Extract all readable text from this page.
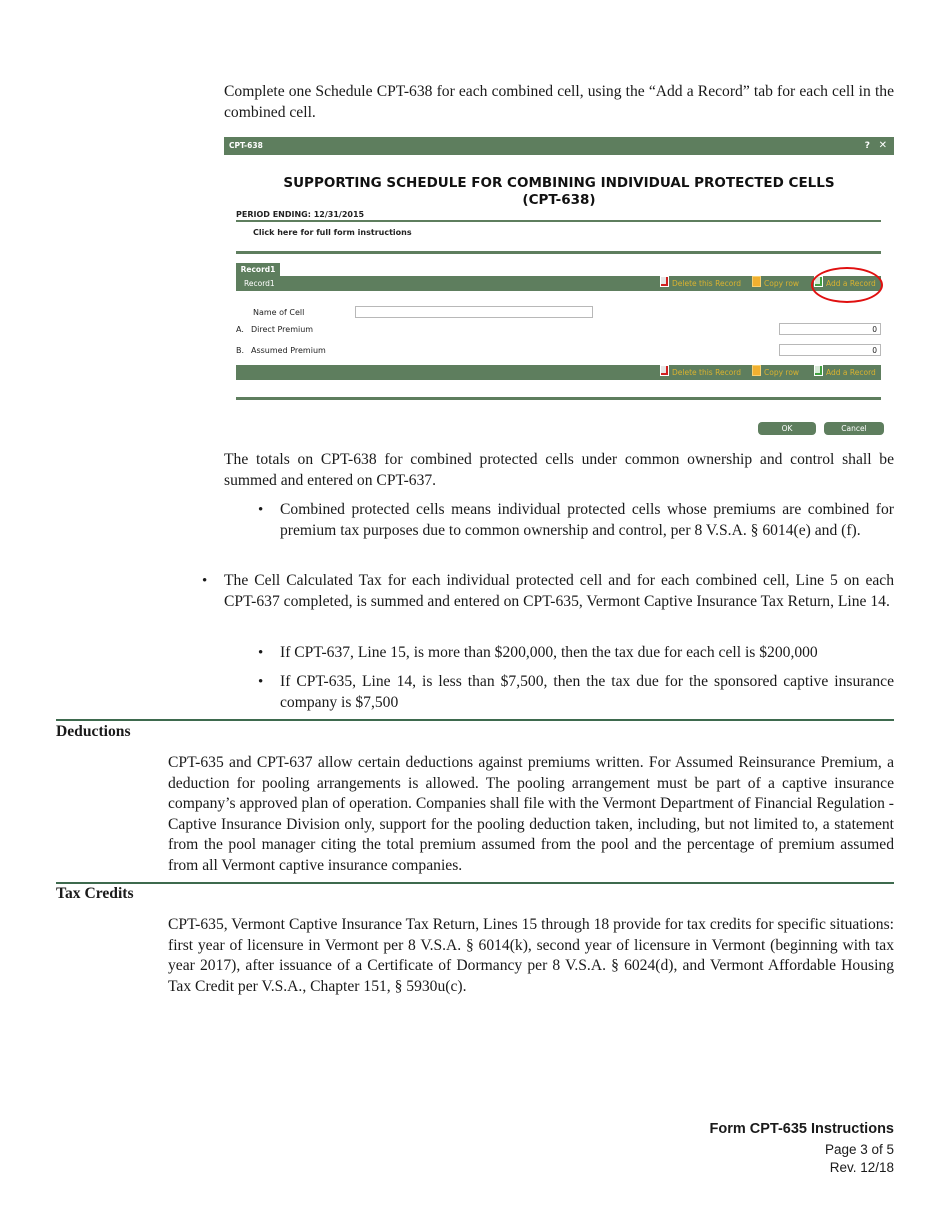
Complete one Schedule CPT-638 for each combined cell, using the “Add a Record” tab for each cell in the combined cell.

CPT-638	? ✕
SUPPORTING SCHEDULE FOR COMBINING INDIVIDUAL PROTECTED CELLS
(CPT-638)
PERIOD ENDING: 12/31/2015
Click here for full form instructions
Record1
Record1	Delete this Record	Copy row	Add a Record
Name of Cell
A. Direct Premium	0
B. Assumed Premium	0
Delete this Record	Copy row	Add a Record
OK	Cancel

The totals on CPT-638 for combined protected cells under common ownership and control shall be summed and entered on CPT-637.

• Combined protected cells means individual protected cells whose premiums are combined for premium tax purposes due to common ownership and control, per 8 V.S.A. § 6014(e) and (f).

• The Cell Calculated Tax for each individual protected cell and for each combined cell, Line 5 on each CPT-637 completed, is summed and entered on CPT-635, Vermont Captive Insurance Tax Return, Line 14.

• If CPT-637, Line 15, is more than $200,000, then the tax due for each cell is $200,000

• If CPT-635, Line 14, is less than $7,500, then the tax due for the sponsored captive insurance company is $7,500

Deductions

CPT-635 and CPT-637 allow certain deductions against premiums written. For Assumed Reinsurance Premium, a deduction for pooling arrangements is allowed. The pooling arrangement must be part of a captive insurance company’s approved plan of operation. Companies shall file with the Vermont Department of Financial Regulation - Captive Insurance Division only, support for the pooling deduction taken, including, but not limited to, a statement from the pool manager citing the total premium assumed from the pool and the percentage of premium assumed from all Vermont captive insurance companies.

Tax Credits

CPT-635, Vermont Captive Insurance Tax Return, Lines 15 through 18 provide for tax credits for specific situations: first year of licensure in Vermont per 8 V.S.A. § 6014(k), second year of licensure in Vermont (beginning with tax year 2017), after issuance of a Certificate of Dormancy per 8 V.S.A. § 6024(d), and Vermont Affordable Housing Tax Credit per V.S.A., Chapter 151, § 5930u(c).

Form CPT-635 Instructions
Page 3 of 5
Rev. 12/18
